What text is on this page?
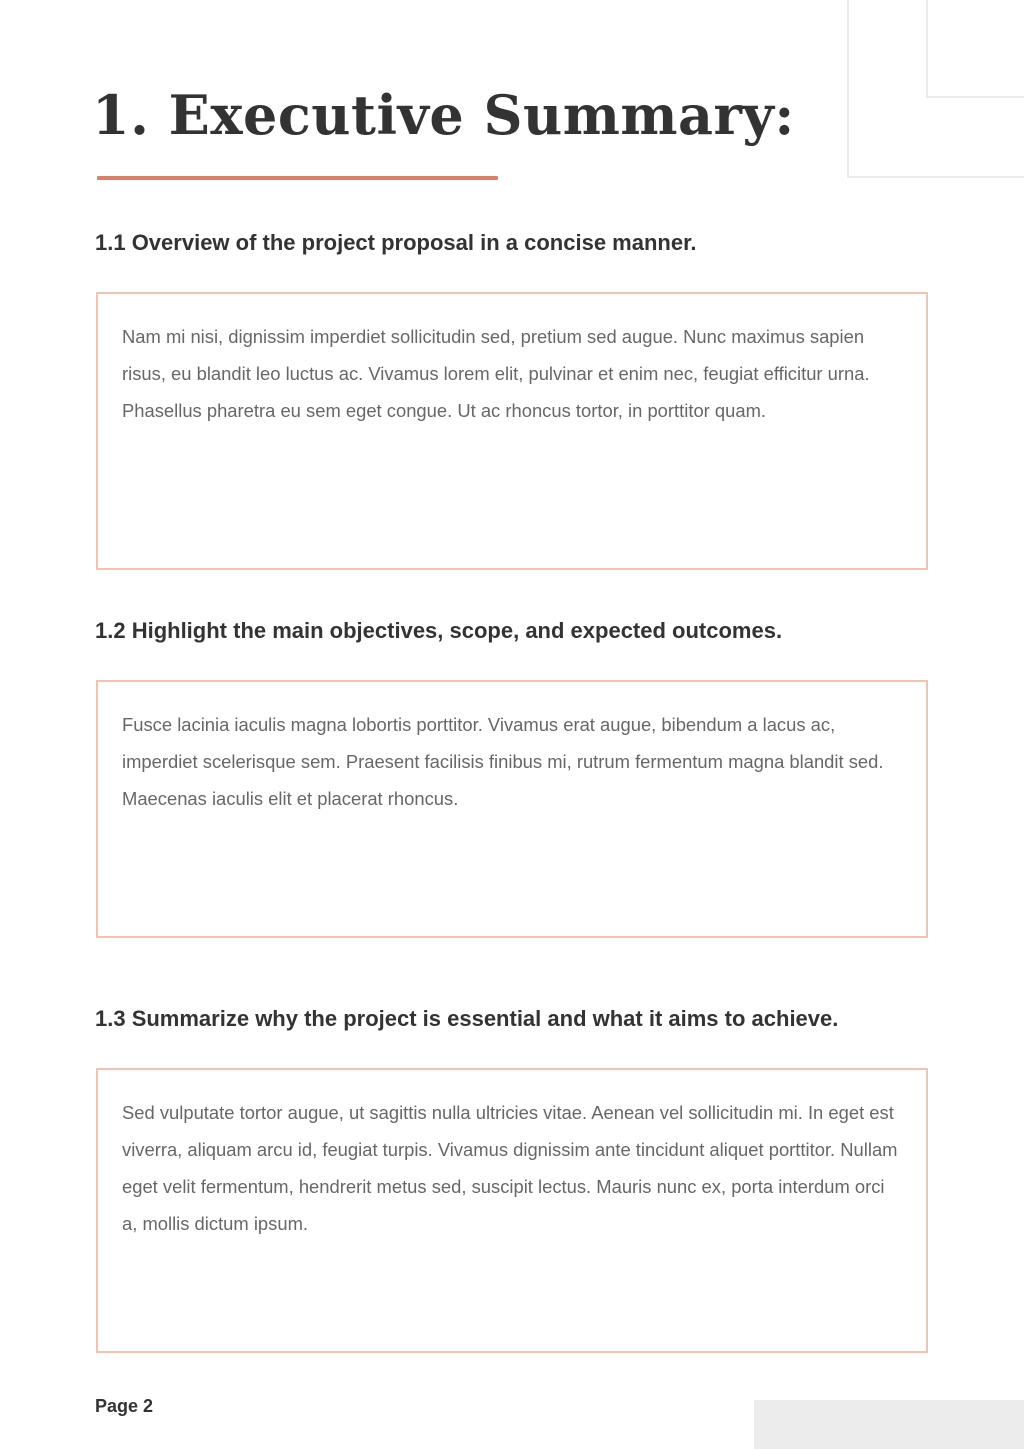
1. Executive Summary:
1.1 Overview of the project proposal in a concise manner.

Nam mi nisi, dignissim imperdiet sollicitudin sed, pretium sed augue. Nunc maximus sapien risus, eu blandit leo luctus ac. Vivamus lorem elit, pulvinar et enim nec, feugiat efficitur urna. Phasellus pharetra eu sem eget congue. Ut ac rhoncus tortor, in porttitor quam.

1.2 Highlight the main objectives, scope, and expected outcomes.

Fusce lacinia iaculis magna lobortis porttitor. Vivamus erat augue, bibendum a lacus ac, imperdiet scelerisque sem. Praesent facilisis finibus mi, rutrum fermentum magna blandit sed. Maecenas iaculis elit et placerat rhoncus.

1.3 Summarize why the project is essential and what it aims to achieve.

Sed vulputate tortor augue, ut sagittis nulla ultricies vitae. Aenean vel sollicitudin mi. In eget est viverra, aliquam arcu id, feugiat turpis. Vivamus dignissim ante tincidunt aliquet porttitor. Nullam eget velit fermentum, hendrerit metus sed, suscipit lectus. Mauris nunc ex, porta interdum orci a, mollis dictum ipsum.

Page 2
